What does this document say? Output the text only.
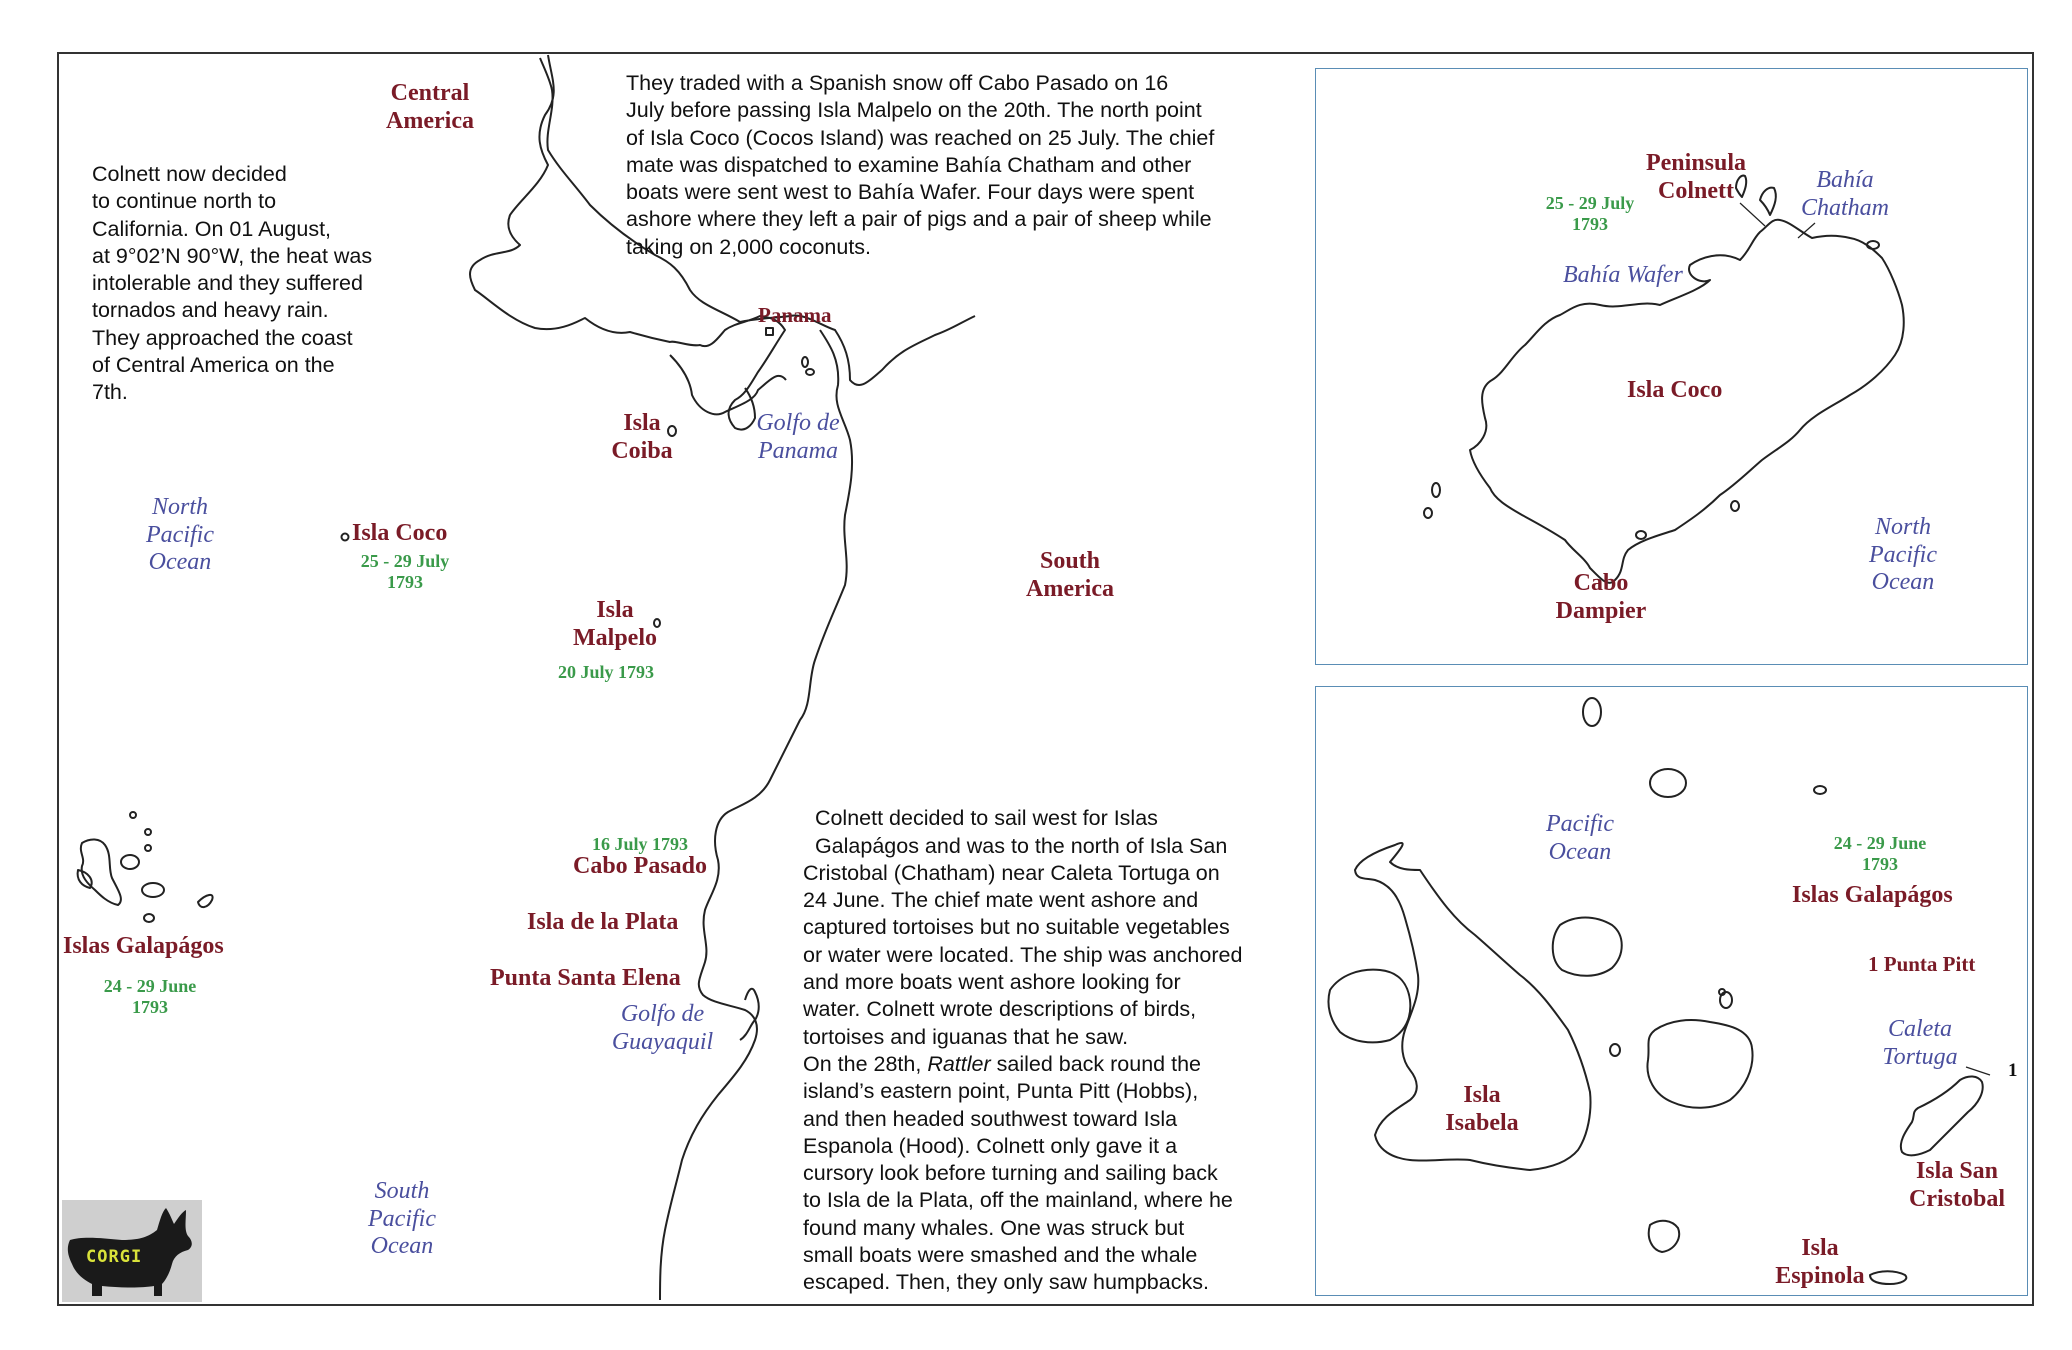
Colnett now decided
to continue north to
California. On 01 August,
at 9°02’N 90°W, the heat was
intolerable and they suffered
tornados and heavy rain.
They approached the coast
of Central America on the
7th.

They traded with a Spanish snow off Cabo Pasado on 16
July before passing Isla Malpelo on the 20th. The north point
of Isla Coco (Cocos Island) was reached on 25 July. The chief
mate was dispatched to examine Bahía Chatham and other
boats were sent west to Bahía Wafer. Four days were spent
ashore where they left a pair of pigs and a pair of sheep while
taking on 2,000 coconuts.

Colnett decided to sail west for Islas
Galapágos and was to the north of Isla San
Cristobal (Chatham) near Caleta Tortuga on
24 June. The chief mate went ashore and
captured tortoises but no suitable vegetables
or water were located. The ship was anchored
and more boats went ashore looking for
water. Colnett wrote descriptions of birds,
tortoises and iguanas that he saw.

On the 28th, Rattler sailed back round the
island’s eastern point, Punta Pitt (Hobbs),
and then headed southwest toward Isla
Espanola (Hood). Colnett only gave it a
cursory look before turning and sailing back
to Isla de la Plata, off the mainland, where he
found many whales. One was struck but
small boats were smashed and the whale
escaped. Then, they only saw humpbacks.

Central
America
Panama
Isla
Coiba
Golfo de
Panama
North
Pacific
Ocean
Isla Coco
25 - 29 July
1793
Isla
Malpelo
20 July 1793
South
America
16 July 1793
Cabo Pasado
Isla de la Plata
Punta Santa Elena
Golfo de
Guayaquil
Islas Galapágos
24 - 29 June
1793
South
Pacific
Ocean
Peninsula
Colnett	Bahía
Chatham
25 - 29 July
1793
Bahía Wafer
Isla Coco
North
Pacific
Ocean
Cabo
Dampier
Pacific
Ocean	24 - 29 June
1793
Islas Galapágos
1 Punta Pitt
Caleta
Tortuga
1
Isla
Isabela
Isla San
Cristobal
Isla
Espinola
CORGI
